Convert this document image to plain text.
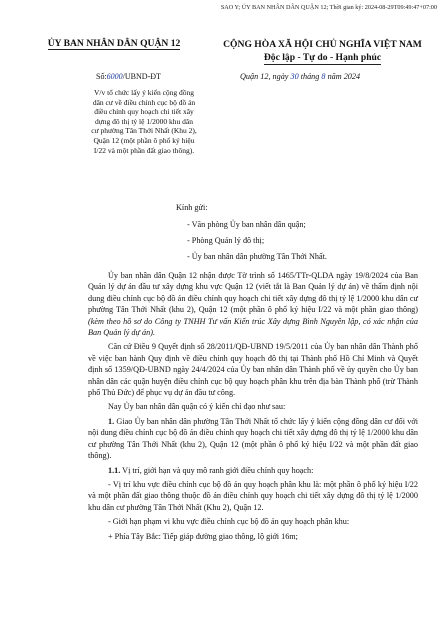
SAO Y; ỦY BAN NHÂN DÂN QUẬN 12; Thời gian ký: 2024-08-29T09:49:47+07:00
ỦY BAN NHÂN DÂN QUẬN 12	CỘNG HÒA XÃ HỘI CHỦ NGHĨA VIỆT NAM
Độc lập - Tự do - Hạnh phúc
Số:6000/UBND-ĐT	Quận 12, ngày 30 tháng 8 năm 2024
V/v tổ chức lấy ý kiến cộng đồng
dân cư về điều chỉnh cục bộ đồ án
điều chỉnh quy hoạch chi tiết xây
dựng đô thị tỷ lệ 1/2000 khu dân
cư phường Tân Thới Nhất (Khu 2),
Quận 12 (một phần ô phố ký hiệu
I/22 và một phần đất giao thông).
Kính gửi:
- Văn phòng Ủy ban nhân dân quận;
- Phòng Quản lý đô thị;
- Ủy ban nhân dân phường Tân Thới Nhất.

Ủy ban nhân dân Quận 12 nhận được Tờ trình số 1465/TTr-QLDA ngày 19/8/2024 của Ban Quản lý dự án đầu tư xây dựng khu vực Quận 12 (viết tắt là Ban Quản lý dự án) về thẩm định nội dung điều chỉnh cục bộ đồ án điều chỉnh quy hoạch chi tiết xây dựng đô thị tỷ lệ 1/2000 khu dân cư phường Tân Thới Nhất (khu 2), Quận 12 (một phần ô phố ký hiệu I/22 và một phần giao thông) (kèm theo hồ sơ do Công ty TNHH Tư vấn Kiến trúc Xây dựng Bình Nguyên lập, có xác nhận của Ban Quản lý dự án).

Căn cứ Điều 9 Quyết định số 28/2011/QĐ-UBND 19/5/2011 của Ủy ban nhân dân Thành phố về việc ban hành Quy định về điều chỉnh quy hoạch đô thị tại Thành phố Hồ Chí Minh và Quyết định số 1359/QĐ-UBND ngày 24/4/2024 của Ủy ban nhân dân Thành phố về ủy quyền cho Ủy ban nhân dân các quận huyện điều chỉnh cục bộ quy hoạch phân khu trên địa bàn Thành phố (trừ Thành phố Thủ Đức) để phục vụ dự án đầu tư công.

Nay Ủy ban nhân dân quận có ý kiến chỉ đạo như sau:

1. Giao Ủy ban nhân dân phường Tân Thới Nhất tổ chức lấy ý kiến cộng đồng dân cư đối với nội dung điều chỉnh cục bộ đồ án điều chỉnh quy hoạch chi tiết xây dựng đô thị tỷ lệ 1/2000 khu dân cư phường Tân Thới Nhất (khu 2), Quận 12 (một phần ô phố ký hiệu I/22 và một phần đất giao thông).

1.1. Vị trí, giới hạn và quy mô ranh giới điều chỉnh quy hoạch:

- Vị trí khu vực điều chỉnh cục bộ đồ án quy hoạch phân khu là: một phần ô phố ký hiệu I/22 và một phần đất giao thông thuộc đồ án điều chỉnh quy hoạch chi tiết xây dựng đô thị tỷ lệ 1/2000 khu dân cư phường Tân Thới Nhất (Khu 2), Quận 12.

- Giới hạn phạm vi khu vực điều chỉnh cục bộ đồ án quy hoạch phân khu:

+ Phía Tây Bắc: Tiếp giáp đường giao thông, lộ giới 16m;
